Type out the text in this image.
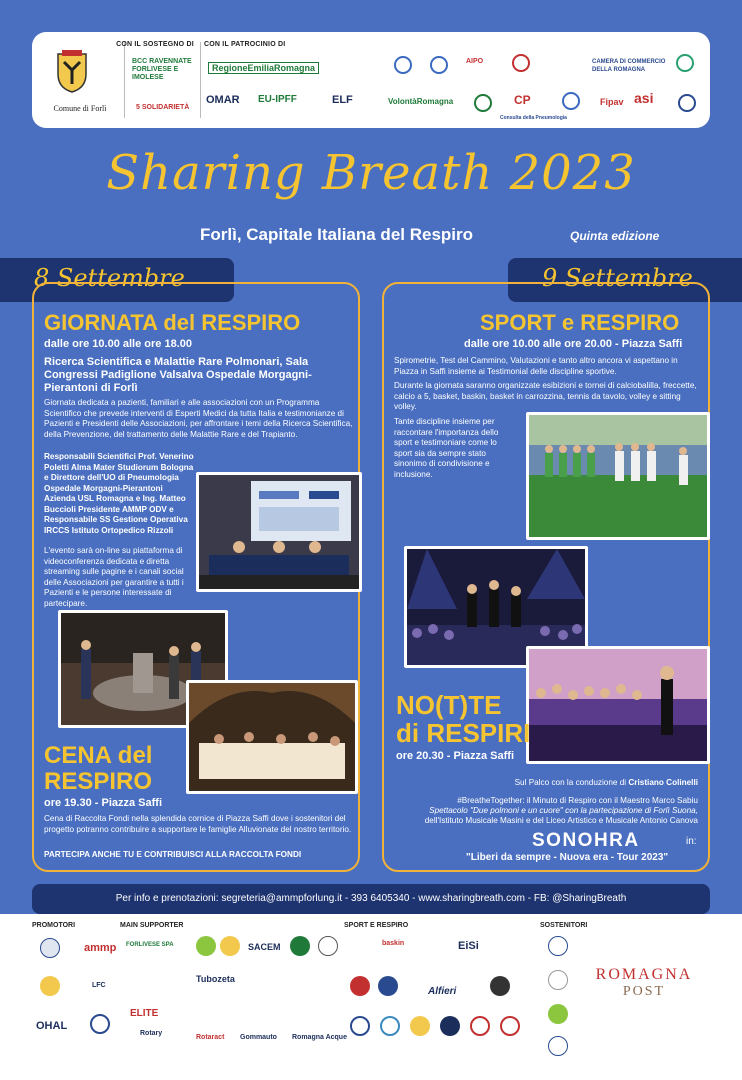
Comune di Forlì
CON IL SOSTEGNO DI
BCC RAVENNATE FORLIVESE E IMOLESE
5 SOLIDARIETÀ
CON IL PATROCINIO DI
RegioneEmiliaRomagna
OMAR EU-IPFF	ELF	VolontàRomagna
AIPO	CAMERA DI COMMERCIO DELLA ROMAGNA
CP
Consulta della Pneumologia
Fipav asi
Sharing Breath 2023
Forlì, Capitale Italiana del Respiro	Quinta edizione
8 Settembre	9 Settembre
GIORNATA del RESPIRO
dalle ore 10.00 alle ore 18.00
Ricerca Scientifica e Malattie Rare Polmonari, Sala Congressi Padiglione Valsalva Ospedale Morgagni-Pierantoni di Forlì
Giornata dedicata a pazienti, familiari e alle associazioni con un Programma Scientifico che prevede interventi di Esperti Medici da tutta Italia e testimonianze di Pazienti e Presidenti delle Associazioni, per affrontare i temi della Ricerca Scientifica, della Prevenzione, del trattamento delle Malattie Rare e del Trapianto.
Responsabili Scientifici Prof. Venerino Poletti Alma Mater Studiorum Bologna e Direttore dell'UO di Pneumologia Ospedale Morgagni-Pierantoni Azienda USL Romagna e Ing. Matteo Buccioli Presidente AMMP ODV e Responsabile SS Gestione Operativa IRCCS Istituto Ortopedico Rizzoli
L'evento sarà on-line su piattaforma di videoconferenza dedicata e diretta streaming sulle pagine e i canali social delle Associazioni per garantire a tutti i Pazienti e le persone interessate di partecipare.
CENA del
RESPIRO
ore 19.30 - Piazza Saffi
Cena di Raccolta Fondi nella splendida cornice di Piazza Saffi dove i sostenitori del progetto potranno contribuire a supportare le famiglie Alluvionate del nostro territorio.
PARTECIPA ANCHE TU E CONTRIBUISCI ALLA RACCOLTA FONDI
SPORT e RESPIRO
dalle ore 10.00 alle ore 20.00 - Piazza Saffi
Spirometrie, Test del Cammino, Valutazioni e tanto altro ancora vi aspettano in Piazza in Saffi insieme ai Testimonial delle discipline sportive.
Durante la giornata saranno organizzate esibizioni e tornei di calciobalilla, freccette, calcio a 5, basket, baskin, basket in carrozzina, tennis da tavolo, volley e sitting volley.
Tante discipline insieme per raccontare l'importanza dello sport e testimoniare come lo sport sia da sempre stato sinonimo di condivisione e inclusione.
NO(T)TE
di RESPIRI
ore 20.30 - Piazza Saffi
Sul Palco con la conduzione di Cristiano Colinelli
#BreatheTogether: il Minuto di Respiro con il Maestro Marco Sabiu
Spettacolo "Due polmoni e un cuore" con la partecipazione di Forlì Suona,
dell'Istituto Musicale Masini e del Liceo Artistico e Musicale Antonio Canova
SONOHRA	in:
"Liberi da sempre - Nuova era - Tour 2023"
Per info e prenotazioni: segreteria@ammpforlung.it - 393 6405340 - www.sharingbreath.com - FB: @SharingBreath
PROMOTORI	MAIN SUPPORTER	SPORT E RESPIRO	SOSTENITORI
ammp
LFC
OHAL
FORLIVESE SPA	SACEM
Tubozeta
ELITE
Rotary
Rotaract Gommauto Romagna Acque
baskin	EiSi
Alfieri
ROMAGNA
POST
